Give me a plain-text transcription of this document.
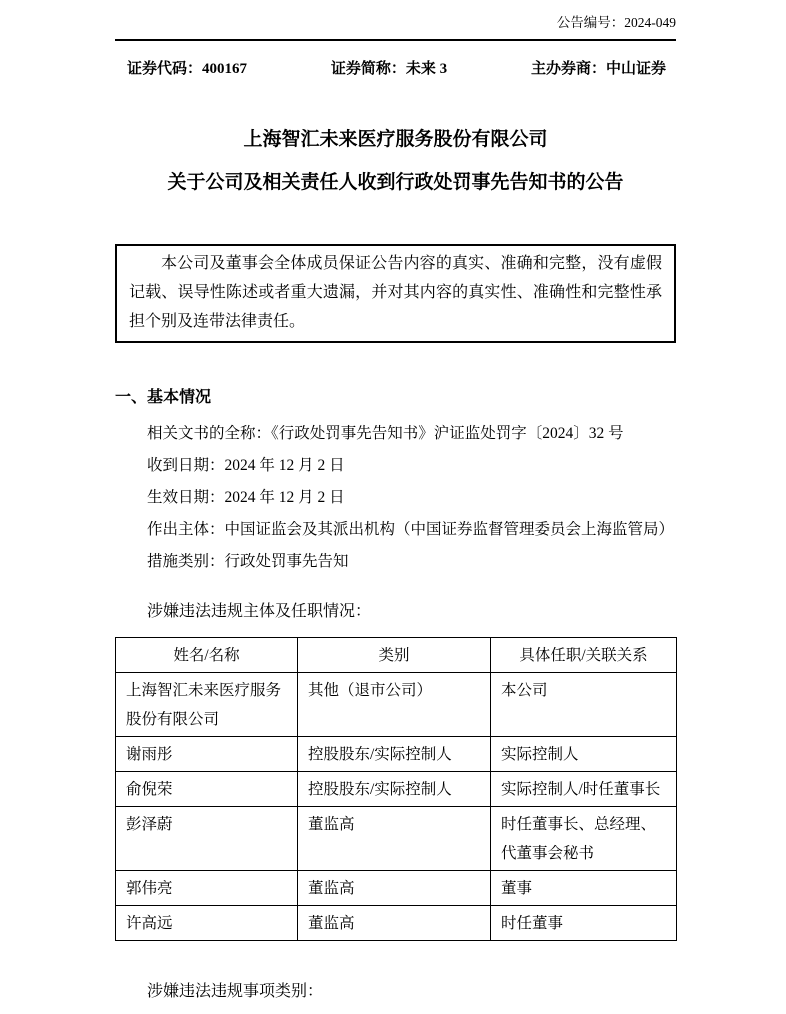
公告编号：2024-049
证券代码：400167	证券简称：未来 3	主办券商：中山证券
上海智汇未来医疗服务股份有限公司
关于公司及相关责任人收到行政处罚事先告知书的公告
本公司及董事会全体成员保证公告内容的真实、准确和完整，没有虚假记载、误导性陈述或者重大遗漏，并对其内容的真实性、准确性和完整性承担个别及连带法律责任。
一、基本情况
相关文书的全称：《行政处罚事先告知书》沪证监处罚字〔2024〕32 号
收到日期：2024 年 12 月 2 日
生效日期：2024 年 12 月 2 日
作出主体：中国证监会及其派出机构（中国证券监督管理委员会上海监管局）
措施类别：行政处罚事先告知
涉嫌违法违规主体及任职情况：
姓名/名称	类别	具体任职/关联关系
上海智汇未来医疗服务股份有限公司	其他（退市公司）	本公司
谢雨彤	控股股东/实际控制人	实际控制人
俞倪荣	控股股东/实际控制人	实际控制人/时任董事长
彭泽蔚	董监高	时任董事长、总经理、代董事会秘书
郭伟亮	董监高	董事
许高远	董监高	时任董事
涉嫌违法违规事项类别：
